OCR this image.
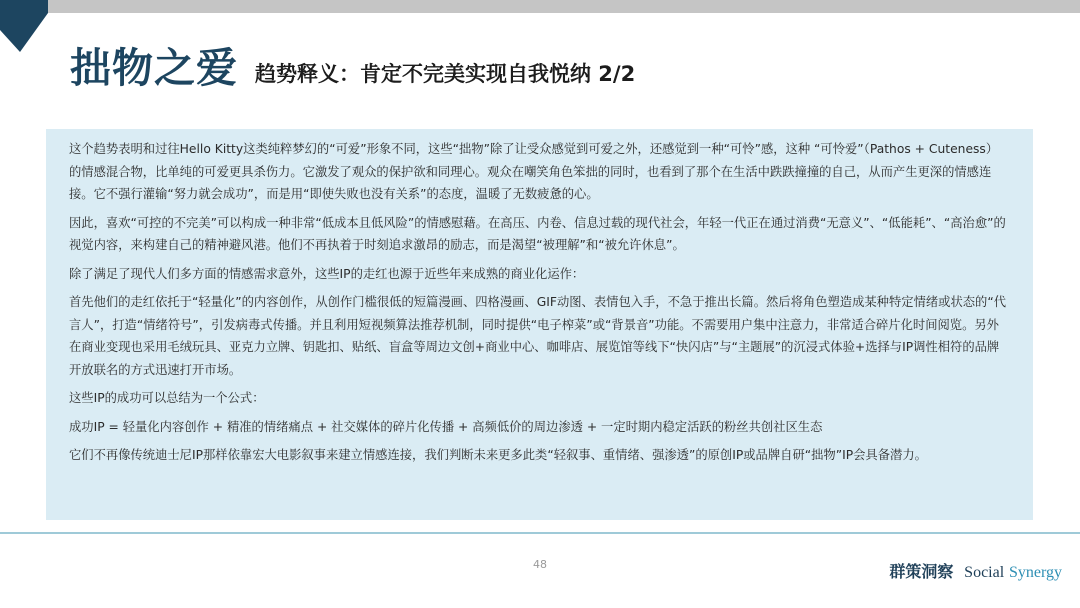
拙物之爱 趋势释义：肯定不完美实现自我悦纳 2/2

这个趋势表明和过往Hello Kitty这类纯粹梦幻的“可爱”形象不同，这些“拙物”除了让受众感觉到可爱之外，还感觉到一种“可怜”感，这种 “可怜爱”（Pathos + Cuteness） 的情感混合物，比单纯的可爱更具杀伤力。它激发了观众的保护欲和同理心。观众在嘲笑角色笨拙的同时，也看到了那个在生活中跌跌撞撞的自己，从而产生更深的情感连接。它不强行灌输“努力就会成功”，而是用“即使失败也没有关系”的态度，温暖了无数疲惫的心。

因此，喜欢“可控的不完美”可以构成一种非常“低成本且低风险”的情感慰藉。在高压、内卷、信息过载的现代社会，年轻一代正在通过消费“无意义”、“低能耗”、“高治愈”的视觉内容，来构建自己的精神避风港。他们不再执着于时刻追求激昂的励志，而是渴望“被理解”和“被允许休息”。

除了满足了现代人们多方面的情感需求意外，这些IP的走红也源于近些年来成熟的商业化运作：

首先他们的走红依托于“轻量化”的内容创作，从创作门槛很低的短篇漫画、四格漫画、GIF动图、表情包入手，不急于推出长篇。然后将角色塑造成某种特定情绪或状态的“代言人”，打造“情绪符号”，引发病毒式传播。并且利用短视频算法推荐机制，同时提供“电子榨菜”或“背景音”功能。不需要用户集中注意力，非常适合碎片化时间阅览。另外在商业变现也采用毛绒玩具、亚克力立牌、钥匙扣、贴纸、盲盒等周边文创+商业中心、咖啡店、展览馆等线下“快闪店”与“主题展”的沉浸式体验+选择与IP调性相符的品牌开放联名的方式迅速打开市场。

这些IP的成功可以总结为一个公式：

成功IP = 轻量化内容创作 + 精准的情绪痛点 + 社交媒体的碎片化传播 + 高频低价的周边渗透 + 一定时期内稳定活跃的粉丝共创社区生态

它们不再像传统迪士尼IP那样依靠宏大电影叙事来建立情感连接，我们判断未来更多此类“轻叙事、重情绪、强渗透”的原创IP或品牌自研“拙物”IP会具备潜力。

48	群策洞察 Social Synergy
